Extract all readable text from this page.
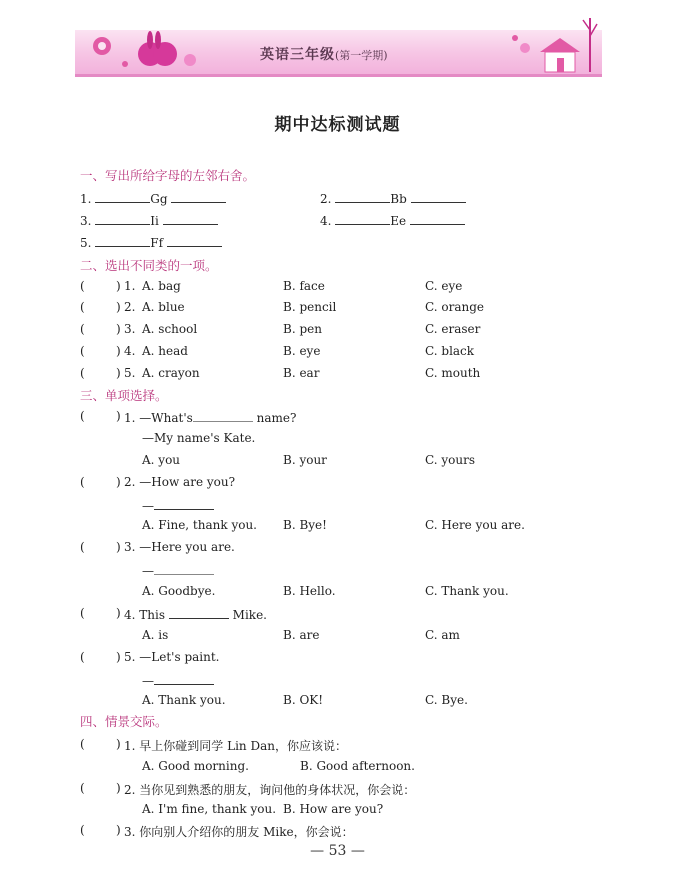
英语三年级(第一学期)
期中达标测试题
一、写出所给字母的左邻右舍。
1.	Gg	2.	Bb
3.	Ii	4.	Ee
5.	Ff
二、选出不同类的一项。
(	) 1. A. bag	B. face	C. eye
(	) 2. A. blue	B. pencil	C. orange
(	) 3. A. school	B. pen	C. eraser
(	) 4. A. head	B. eye	C. black
(	) 5. A. crayon	B. ear	C. mouth
三、单项选择。
(	) 1. —What's	name?
—My name's Kate.
A. you	B. your	C. yours
(	) 2. —How are you?
—
A. Fine, thank you. B. Bye!	C. Here you are.
(	) 3. —Here you are.
—
A. Goodbye.	B. Hello.	C. Thank you.
(	) 4. This	Mike.
A. is	B. are	C. am
(	) 5. —Let's paint.
—
A. Thank you.	B. OK!	C. Bye.
四、情景交际。
(	) 1. 早上你碰到同学 Lin Dan，你应该说：
A. Good morning.	B. Good afternoon.
(	) 2. 当你见到熟悉的朋友，询问他的身体状况，你会说：
A. I'm fine, thank you. B. How are you?
(	) 3. 你向别人介绍你的朋友 Mike，你会说：
— 53 —
